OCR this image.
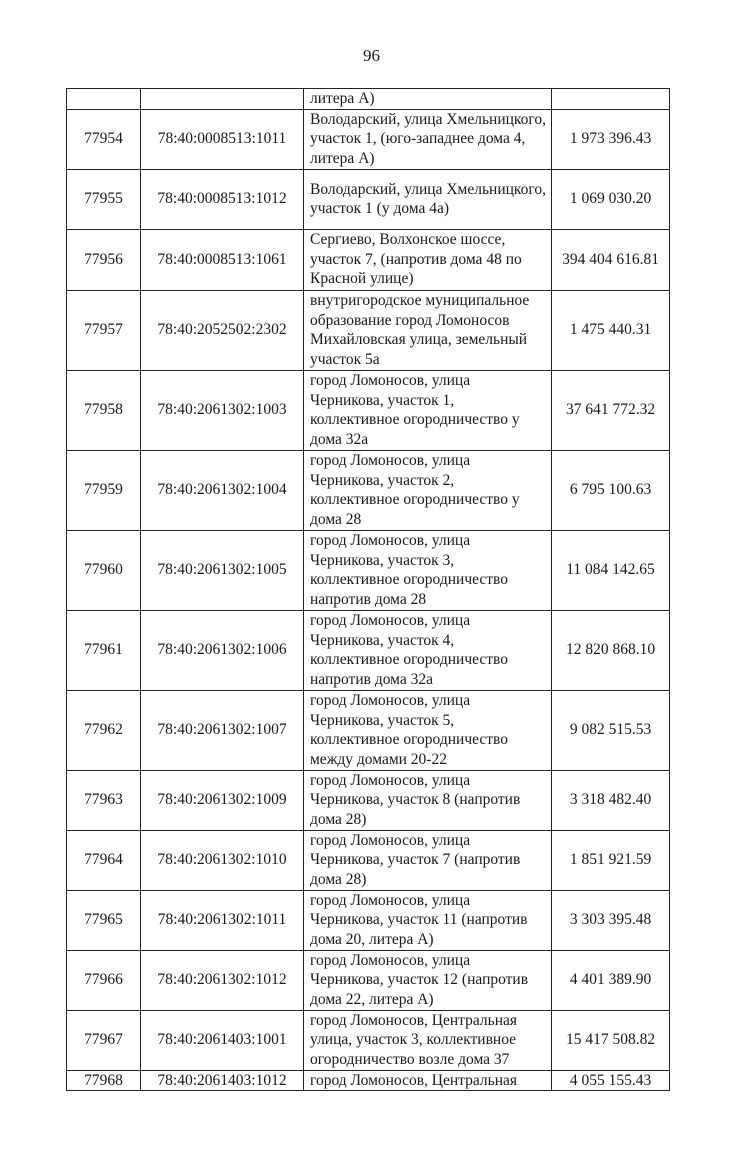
96
		литера А)	
77954	78:40:0008513:1011	Володарский, улица Хмельницкого, участок 1, (юго-западнее дома 4, литера А)	1 973 396.43
77955	78:40:0008513:1012	Володарский, улица Хмельницкого, участок 1 (у дома 4а)	1 069 030.20
77956	78:40:0008513:1061	Сергиево, Волхонское шоссе, участок 7, (напротив дома 48 по Красной улице)	394 404 616.81
77957	78:40:2052502:2302	внутригородское муниципальное образование город Ломоносов Михайловская улица, земельный участок 5а	1 475 440.31
77958	78:40:2061302:1003	город Ломоносов, улица Черникова, участок 1, коллективное огородничество у дома 32а	37 641 772.32
77959	78:40:2061302:1004	город Ломоносов, улица Черникова, участок 2, коллективное огородничество у дома 28	6 795 100.63
77960	78:40:2061302:1005	город Ломоносов, улица Черникова, участок 3, коллективное огородничество напротив дома 28	11 084 142.65
77961	78:40:2061302:1006	город Ломоносов, улица Черникова, участок 4, коллективное огородничество напротив дома 32а	12 820 868.10
77962	78:40:2061302:1007	город Ломоносов, улица Черникова, участок 5, коллективное огородничество между домами 20-22	9 082 515.53
77963	78:40:2061302:1009	город Ломоносов, улица Черникова, участок 8 (напротив дома 28)	3 318 482.40
77964	78:40:2061302:1010	город Ломоносов, улица Черникова, участок 7 (напротив дома 28)	1 851 921.59
77965	78:40:2061302:1011	город Ломоносов, улица Черникова, участок 11 (напротив дома 20, литера А)	3 303 395.48
77966	78:40:2061302:1012	город Ломоносов, улица Черникова, участок 12 (напротив дома 22, литера А)	4 401 389.90
77967	78:40:2061403:1001	город Ломоносов, Центральная улица, участок 3, коллективное огородничество возле дома 37	15 417 508.82
77968	78:40:2061403:1012	город Ломоносов, Центральная	4 055 155.43
